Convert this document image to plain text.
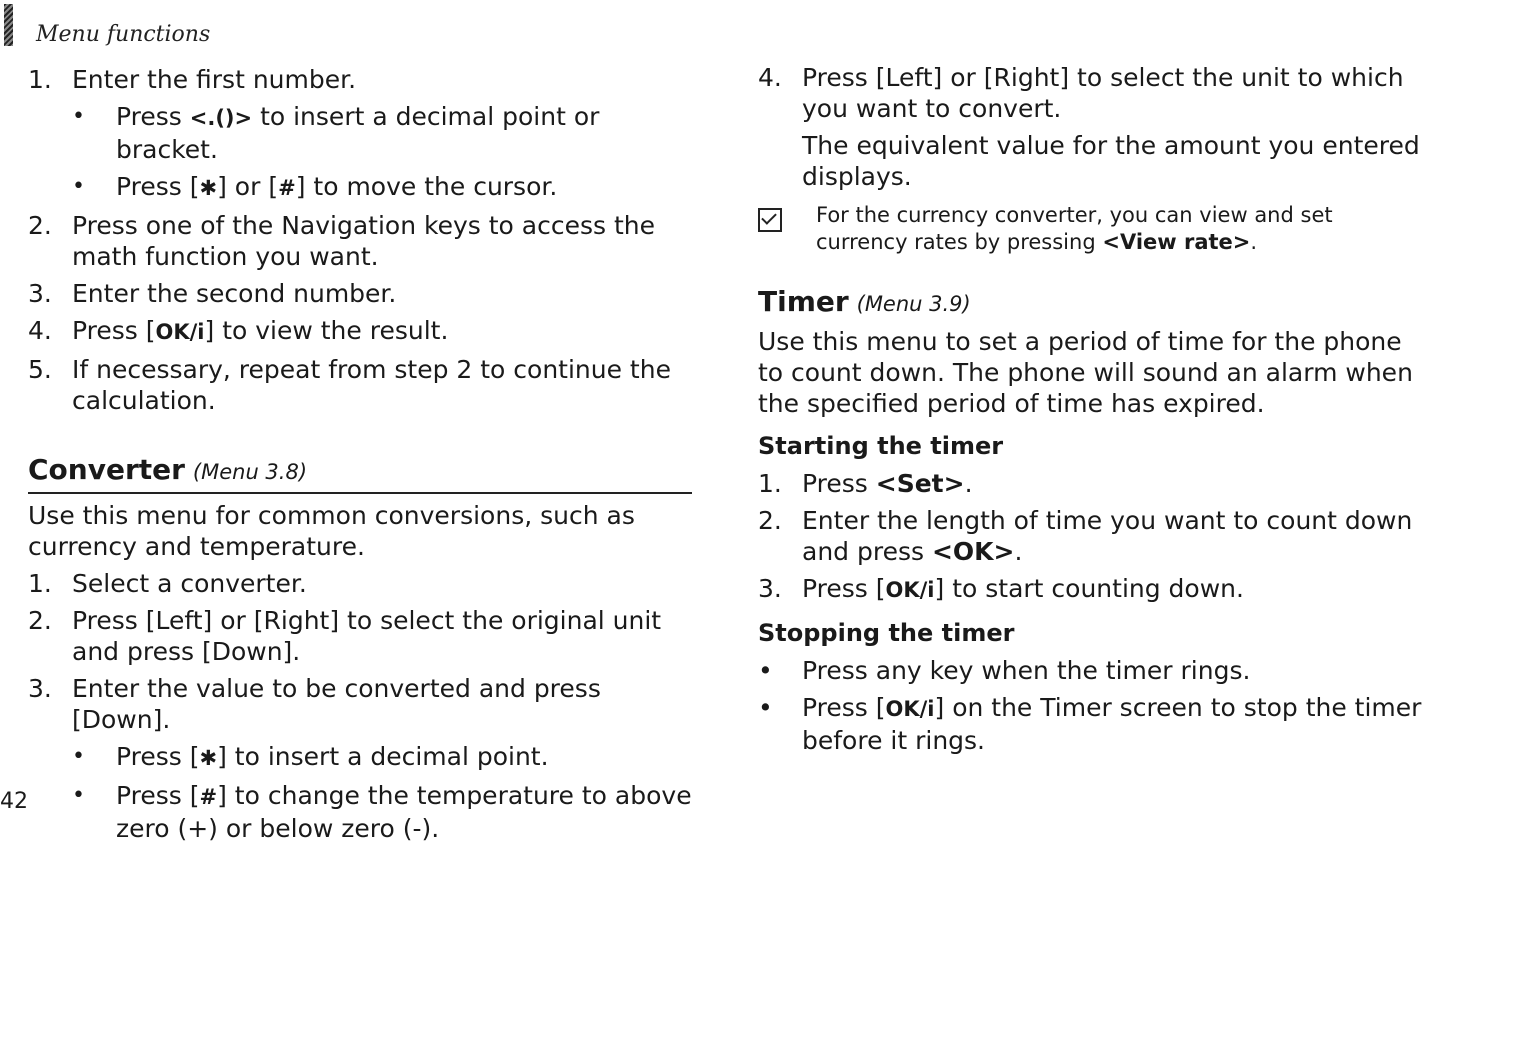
Menu functions
1. Enter the first number.
•	Press <.()> to insert a decimal point or bracket.
•	Press [✱] or [#] to move the cursor.
2. Press one of the Navigation keys to access the math function you want.
3. Enter the second number.
4. Press [OK/i] to view the result.
5. If necessary, repeat from step 2 to continue the calculation.
Converter (Menu 3.8)

Use this menu for common conversions, such as currency and temperature.

1. Select a converter.
2. Press [Left] or [Right] to select the original unit and press [Down].
3. Enter the value to be converted and press [Down].
•	Press [✱] to insert a decimal point.
•	Press [#] to change the temperature to above zero (+) or below zero (-).
42
4. Press [Left] or [Right] to select the unit to which you want to convert.

The equivalent value for the amount you entered displays.

For the currency converter, you can view and set currency rates by pressing <View rate>.

Timer (Menu 3.9)

Use this menu to set a period of time for the phone to count down. The phone will sound an alarm when the specified period of time has expired.

Starting the timer
1. Press <Set>.
2. Enter the length of time you want to count down and press <OK>.
3. Press [OK/i] to start counting down.
Stopping the timer
•	Press any key when the timer rings.
•	Press [OK/i] on the Timer screen to stop the timer before it rings.
